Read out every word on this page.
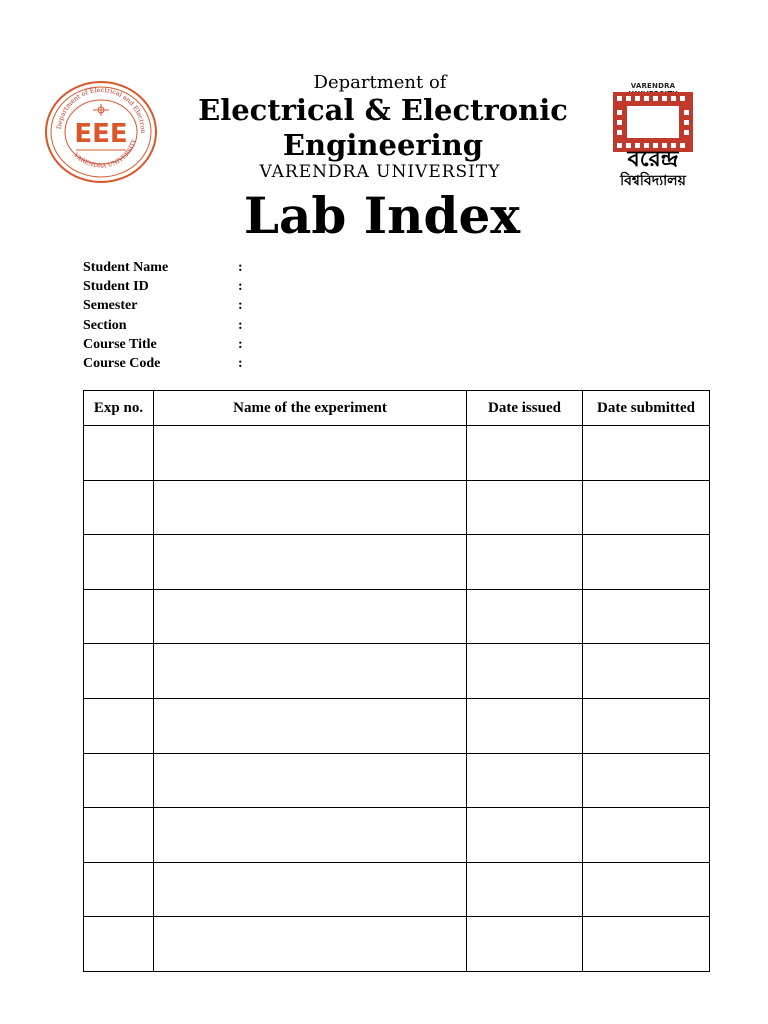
Department of Electrical and Electron
VARENDRA UNIVERSITY
EEE
VARENDRA
বরেন্দ্র
বিশ্ববিদ্যালয়
Department of
Electrical & Electronic Engineering
VARENDRA UNIVERSITY
Lab Index
Student Name	:
Student ID	:
Semester	:
Section	:
Course Title	:
Course Code	:
Exp no.	Name of the experiment	Date issued	Date submitted
